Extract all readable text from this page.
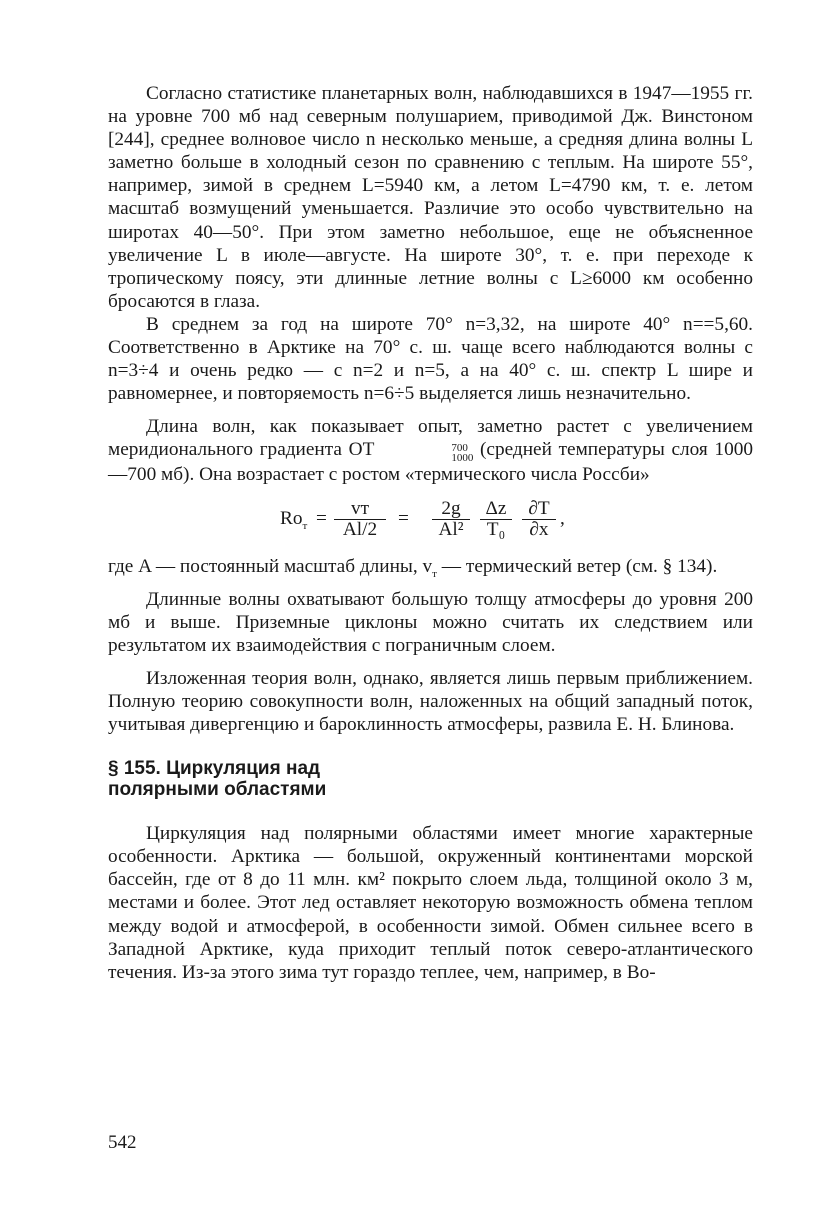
Согласно статистике планетарных волн, наблюдавшихся в 1947—1955 гг. на уровне 700 мб над северным полушарием, приводимой Дж. Винстоном [244], среднее волновое число n несколько меньше, а средняя длина волны L заметно больше в холодный сезон по сравнению с теплым. На широте 55°, например, зимой в среднем L=5940 км, а летом L=4790 км, т. е. летом масштаб возмущений уменьшается. Различие это особо чувствительно на широтах 40—50°. При этом заметно небольшое, еще не объясненное увеличение L в июле—августе. На широте 30°, т. е. при переходе к тропическому поясу, эти длинные летние волны с L≥6000 км особенно бросаются в глаза.

В среднем за год на широте 70° n=3,32, на широте 40° n==5,60. Соответственно в Арктике на 70° с. ш. чаще всего наблюдаются волны с n=3÷4 и очень редко — с n=2 и n=5, а на 40° с. ш. спектр L шире и равномернее, и повторяемость n=6÷5 выделяется лишь незначительно.

Длина волн, как показывает опыт, заметно растет с увеличением меридионального градиента OT	700
1000 (средней температуры слоя 1000—700 мб). Она возрастает с ростом «термического числа Россби»

$Ro_т$ =	vт
Al/2
= $\frac{2g}{\text{Al²}} \frac{\Delta z}{\text{T₀}} \frac{\partial T}{\partial x}$ ,

где A — постоянный масштаб длины, $v_т$ — термический ветер (см. § 134).

Длинные волны охватывают большую толщу атмосферы до уровня 200 мб и выше. Приземные циклоны можно считать их следствием или результатом их взаимодействия с пограничным слоем.

Изложенная теория волн, однако, является лишь первым приближением. Полную теорию совокупности волн, наложенных на общий западный поток, учитывая дивергенцию и бароклинность атмосферы, развила Е. Н. Блинова.

§ 155. Циркуляция над полярными областями

Циркуляция над полярными областями имеет многие характерные особенности. Арктика — большой, окруженный континентами морской бассейн, где от 8 до 11 млн. км² покрыто слоем льда, толщиной около 3 м, местами и более. Этот лед оставляет некоторую возможность обмена теплом между водой и атмосферой, в особенности зимой. Обмен сильнее всего в Западной Арктике, куда приходит теплый поток северо-атлантического течения. Из-за этого зима тут гораздо теплее, чем, например, в Во-

542
